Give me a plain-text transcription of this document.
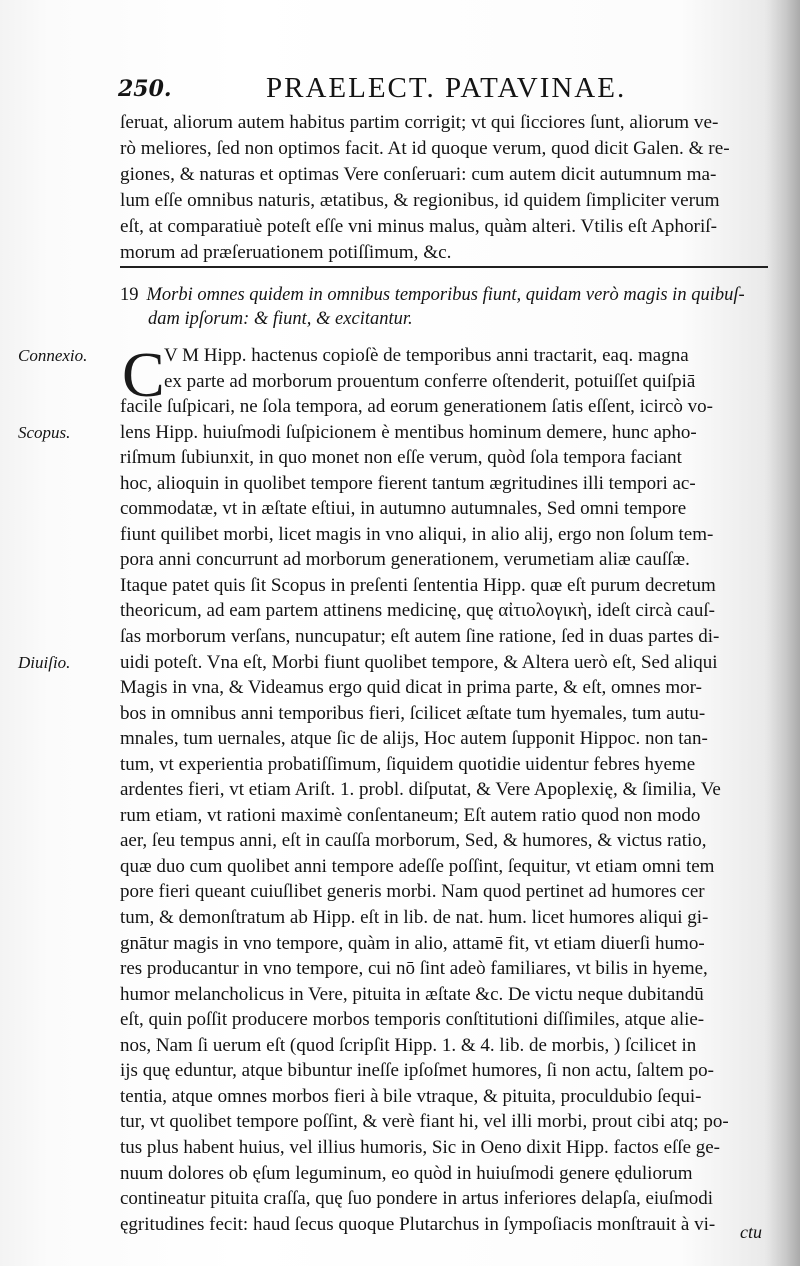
250.	PRAELECT. PATAVINAE.
ſeruat, aliorum autem habitus partim corrigit; vt qui ſicciores ſunt, aliorum ve-
rò meliores, ſed non optimos facit. At id quoque verum, quod dicit Galen. & re-
giones, & naturas et optimas Vere conſeruari: cum autem dicit autumnum ma-
lum eſſe omnibus naturis, ætatibus, & regionibus, id quidem ſimpliciter verum
eſt, at comparatiuè poteſt eſſe vni minus malus, quàm alteri. Vtilis eſt Aphoriſ-
morum ad præſeruationem potiſſimum, &c.
19 Morbi omnes quidem in omnibus temporibus fiunt, quidam verò magis in quibuſ-
dam ipſorum: & fiunt, & excitantur.
Connexio.
Scopus.
Diuiſio.
C V M Hipp. hactenus copioſè de temporibus anni tractarit, eaq. magna
ex parte ad morborum prouentum conferre oſtenderit, potuiſſet quiſpiā
facile ſuſpicari, ne ſola tempora, ad eorum generationem ſatis eſſent, icircò vo-
lens Hipp. huiuſmodi ſuſpicionem è mentibus hominum demere, hunc apho-
riſmum ſubiunxit, in quo monet non eſſe verum, quòd ſola tempora faciant
hoc, alioquin in quolibet tempore fierent tantum ægritudines illi tempori ac-
commodatæ, vt in æſtate eſtiui, in autumno autumnales, Sed omni tempore
fiunt quilibet morbi, licet magis in vno aliqui, in alio alij, ergo non ſolum tem-
pora anni concurrunt ad morborum generationem, verumetiam aliæ cauſſæ.
Itaque patet quis ſit Scopus in preſenti ſententia Hipp. quæ eſt purum decretum
theoricum, ad eam partem attinens medicinę, quę αἰτιολογικὴ, ideſt circà cauſ-
ſas morborum verſans, nuncupatur; eſt autem ſine ratione, ſed in duas partes di-
uidi poteſt. Vna eſt, Morbi fiunt quolibet tempore, & Altera uerò eſt, Sed aliqui
Magis in vna, & Videamus ergo quid dicat in prima parte, & eſt, omnes mor-
bos in omnibus anni temporibus fieri, ſcilicet æſtate tum hyemales, tum autu-
mnales, tum uernales, atque ſic de alijs, Hoc autem ſupponit Hippoc. non tan-
tum, vt experientia probatiſſimum, ſiquidem quotidie uidentur febres hyeme
ardentes fieri, vt etiam Ariſt. 1. probl. diſputat, & Vere Apoplexię, & ſimilia, Ve
rum etiam, vt rationi maximè conſentaneum; Eſt autem ratio quod non modo
aer, ſeu tempus anni, eſt in cauſſa morborum, Sed, & humores, & victus ratio,
quæ duo cum quolibet anni tempore adeſſe poſſint, ſequitur, vt etiam omni tem
pore fieri queant cuiuſlibet generis morbi. Nam quod pertinet ad humores cer
tum, & demonſtratum ab Hipp. eſt in lib. de nat. hum. licet humores aliqui gi-
gnātur magis in vno tempore, quàm in alio, attamē fit, vt etiam diuerſi humo-
res producantur in vno tempore, cui nō ſint adeò familiares, vt bilis in hyeme,
humor melancholicus in Vere, pituita in æſtate &c. De victu neque dubitandū
eſt, quin poſſit producere morbos temporis conſtitutioni diſſimiles, atque alie-
nos, Nam ſi uerum eſt (quod ſcripſit Hipp. 1. & 4. lib. de morbis, ) ſcilicet in
ijs quę eduntur, atque bibuntur ineſſe ipſoſmet humores, ſi non actu, ſaltem po-
tentia, atque omnes morbos fieri à bile vtraque, & pituita, proculdubio ſequi-
tur, vt quolibet tempore poſſint, & verè fiant hi, vel illi morbi, prout cibi atq; po-
tus plus habent huius, vel illius humoris, Sic in Oeno dixit Hipp. factos eſſe ge-
nuum dolores ob ęſum leguminum, eo quòd in huiuſmodi genere ęduliorum
contineatur pituita craſſa, quę ſuo pondere in artus inferiores delapſa, eiuſmodi
ęgritudines fecit: haud ſecus quoque Plutarchus in ſympoſiacis monſtrauit à vi-	ctu
